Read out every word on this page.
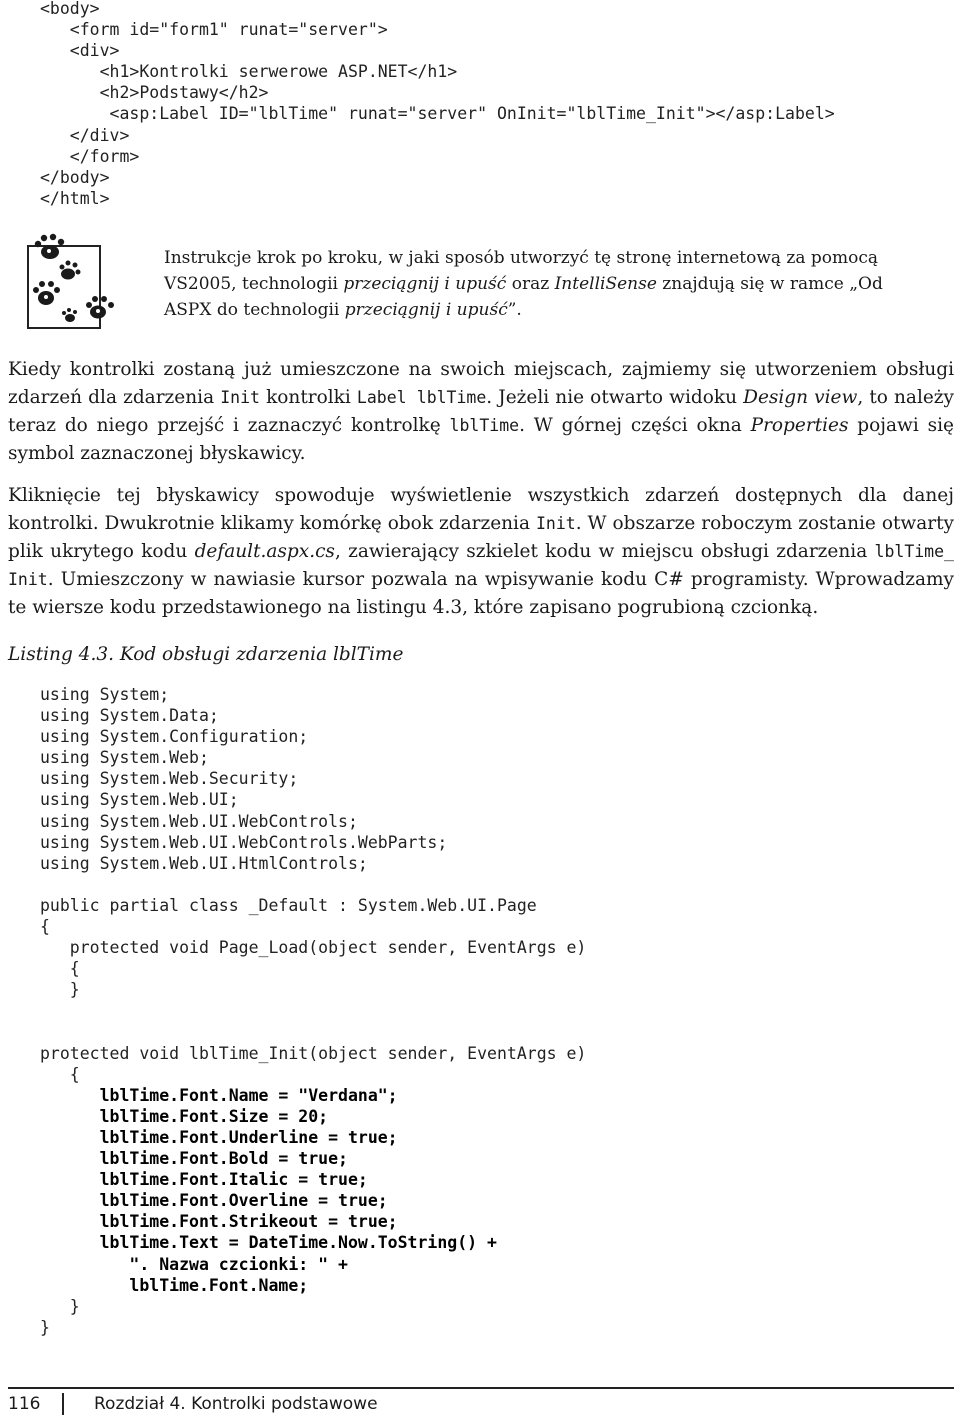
<body>
<form id="form1" runat="server">
<div>
<h1>Kontrolki serwerowe ASP.NET</h1>
<h2>Podstawy</h2>
<asp:Label ID="lblTime" runat="server" OnInit="lblTime_Init"></asp:Label>
</div>
</form>
</body>
</html>

Instrukcje krok po kroku, w jaki sposób utworzyć tę stronę internetową za pomocą VS2005, technologii przeciągnij i upuść oraz IntelliSense znajdują się w ramce „Od ASPX do technologii przeciągnij i upuść”.

Kiedy kontrolki zostaną już umieszczone na swoich miejscach, zajmiemy się utworzeniem obsługi zdarzeń dla zdarzenia Init kontrolki Label lblTime. Jeżeli nie otwarto widoku Design view, to należy teraz do niego przejść i zaznaczyć kontrolkę lblTime. W górnej części okna Properties pojawi się symbol zaznaczonej błyskawicy.

Kliknięcie tej błyskawicy spowoduje wyświetlenie wszystkich zdarzeń dostępnych dla danej kontrolki. Dwukrotnie klikamy komórkę obok zdarzenia Init. W obszarze roboczym zostanie otwarty plik ukrytego kodu default.aspx.cs, zawierający szkielet kodu w miejscu obsługi zdarzenia lblTime_ Init. Umieszczony w nawiasie kursor pozwala na wpisywanie kodu C# programisty. Wprowadzamy te wiersze kodu przedstawionego na listingu 4.3, które zapisano pogrubioną czcionką.

Listing 4.3. Kod obsługi zdarzenia lblTime

using System;
using System.Data;
using System.Configuration;
using System.Web;
using System.Web.Security;
using System.Web.UI;
using System.Web.UI.WebControls;
using System.Web.UI.WebControls.WebParts;
using System.Web.UI.HtmlControls;

public partial class _Default : System.Web.UI.Page
{
protected void Page_Load(object sender, EventArgs e)
{
}

protected void lblTime_Init(object sender, EventArgs e)
{
lblTime.Font.Name = "Verdana";
lblTime.Font.Size = 20;
lblTime.Font.Underline = true;
lblTime.Font.Bold = true;
lblTime.Font.Italic = true;
lblTime.Font.Overline = true;
lblTime.Font.Strikeout = true;
lblTime.Text = DateTime.Now.ToString() +
". Nazwa czcionki: " +
lblTime.Font.Name;
}
}
116	Rozdział 4. Kontrolki podstawowe
